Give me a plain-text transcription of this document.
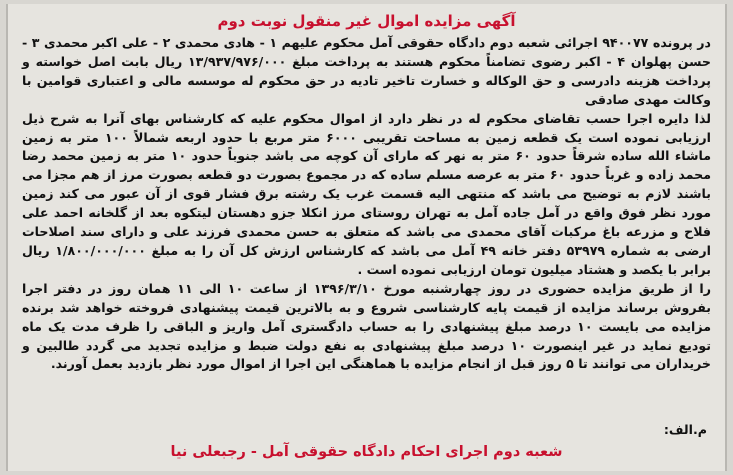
آگهی مزایده اموال غیر منقول نوبت دوم

در پرونده ۹۴۰۰۷۷ اجرائی شعبه دوم دادگاه حقوقی آمل محکوم علیهم ۱ - هادی محمدی ۲ - علی اکبر محمدی ۳ - حسن پهلوان ۴ - اکبر رضوی تضامناً محکوم هستند به پرداخت مبلغ ۱۳/۹۳۷/۹۷۶/۰۰۰ ریال بابت اصل خواسته و پرداخت هزینه دادرسی و حق الوکاله و خسارت تاخیر تادیه در حق محکوم له موسسه مالی و اعتباری قوامین با وکالت مهدی صادقی

لذا دایره اجرا حسب تقاضای محکوم له در نظر دارد از اموال محکوم علیه که کارشناس بهای آنرا به شرح ذیل ارزیابی نموده است یک قطعه زمین به مساحت تقریبی ۶۰۰۰ متر مربع با حدود اربعه شمالاً ۱۰۰ متر به زمین ماشاء الله ساده شرقاً حدود ۶۰ متر به نهر که مارای آن کوچه می باشد جنوباً حدود ۱۰ متر به زمین محمد رضا محمد زاده و غرباً حدود ۶۰ متر به عرصه مسلم ساده که در مجموع بصورت دو قطعه بصورت مرز از هم مجزا می باشند لازم به توضیح می باشد که منتهی الیه قسمت غرب یک رشته برق فشار قوی از آن عبور می کند زمین مورد نظر فوق واقع در آمل جاده آمل به تهران روستای مرز انکلا جزو دهستان لیتکوه بعد از گلخانه احمد علی فلاح و مزرعه باغ مرکبات آقای محمدی می باشد که متعلق به حسن محمدی فرزند علی و دارای سند اصلاحات ارضی به شماره ۵۳۹۷۹ دفتر خانه ۴۹ آمل می باشد که کارشناس ارزش کل آن را به مبلغ ۱/۸۰۰/۰۰۰/۰۰۰ ریال برابر با یکصد و هشتاد میلیون تومان ارزیابی نموده است .

را از طریق مزایده حضوری در روز چهارشنبه مورخ ۱۳۹۶/۳/۱۰ از ساعت ۱۰ الی ۱۱ همان روز در دفتر اجرا بفروش برساند مزایده از قیمت پایه کارشناسی شروع و به بالاترین قیمت پیشنهادی فروخته خواهد شد برنده مزایده می بایست ۱۰ درصد مبلغ پیشنهادی را به حساب دادگستری آمل واریز و الباقی را ظرف مدت یک ماه تودیع نماید در غیر اینصورت ۱۰ درصد مبلغ پیشنهادی به نفع دولت ضبط و مزایده تجدید می گردد طالبین و خریداران می توانند تا ۵ روز قبل از انجام مزایده با هماهنگی این اجرا از اموال مورد نظر بازدید بعمل آورند.

م.الف:
شعبه دوم اجرای احکام دادگاه حقوقی آمل - رجبعلی نیا
